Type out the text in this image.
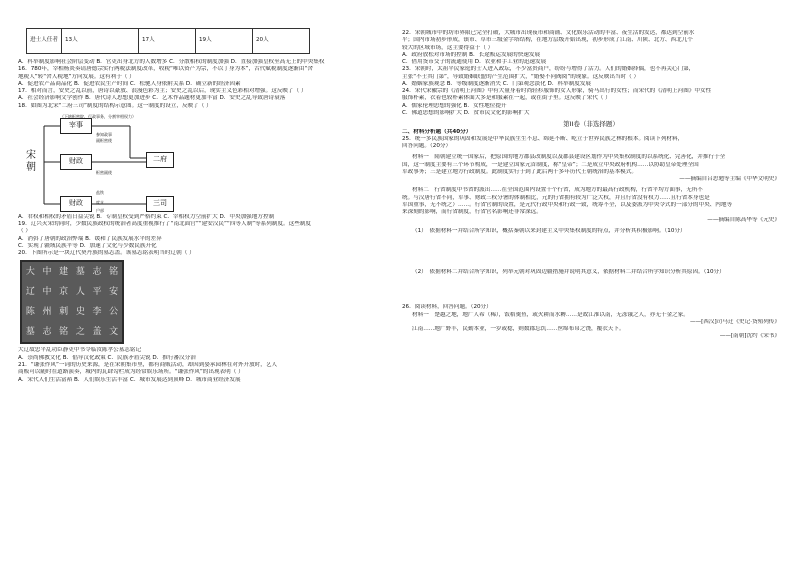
进士人任者	13人	17人	19人	20人

A．科举制度影响社会阶层变动 B．官吏出身北方的人数增多 C．分散相权的制度加强 D．直接加强皇权至高无上的中央集权

16．780年，宰相杨炎奏请唐德宗实行两税法制度改革，收税“唯以资产为宗，不以丁身为本”，古代赋税制度逐渐由“舍

地税人”转“舍人税地”方向发展。这有利于（ ）

A．促进农产品商品化 B．促进农民生产时间 C．松驰人身依附关系 D．确立新的经济因素

17．相对而言，安史之乱以前，唐诗以豪放、浪漫色彩为主；安史之乱以后，现实主义色彩相对增强。这反映了（ ）

A．社会经济影响文学创作 B．唐代诗人思想更加进步 C．艺术作品题材更加丰富 D．安史之乱导致唐诗衰落

18．如图为北宋“二府三司”制度的结构示意图。这一制度的设立，反映了（ ）

（下辖枢密院、行政事务，分割宰相权力）
宋朝
宰事
财政
财政
参知政事
副枢密使
枢密副使
盐铁
度支
户部
二府
三司

A．君权和相权的矛盾日益尖锐 B．专制皇权受到严格约束 C．宰相权力空前扩大 D．中央加强地方控制

19．辽兴灭宋的同时，少数民族政权的统治者高度重视推行了“南北面官”“建安汉民”“四等人制”等系列制度。这些制度

（ ）

A．消弭了唐朝的政治弊端 B．缓和了民族发展水平的差异

C．实现了疆域民族平等 D．加速了文化与少数民族开化

20．下图所示是一块辽代契丹族的墓志盖。该墓志铭表明当时辽朝（ ）

大 中 建 墓 志 铭
辽 中 京 人 平 安
陈 州 刺 史 李 公
墓 志 铭 之 盖 文

大辽故忠平乱功臣静吏中书令临汝陈孝公墓志铭记

A．崇尚佛教文化 B．倡导汉化政策 C．民族矛盾尖锐 D．推行蕃汉分治

21．“谦张作风”一词的历史来源，是在宋朝集市里，都有商贩活动，却因到晏承园林在对外开放时，艺人

商贩可以随时在道路演奏，城内的瓦肆勾栏成为经常娱乐场所。“谦张作风”的出现表明（ ）

A．宋代人们生活富裕 B．人们娱乐生活丰富 C．城市发展达到顶峰 D．城市商业经济发展

22．宋朝城市中的坊市界限已完全打破，大城市出现夜市和商铺、文化娱乐活动的丰富、夜生活的发达，都达到空前水

平；国内市场初步形成，镇市、草市三级金字塔结构，在地方层级开始出现，初步形成了江南、川陕、北方、西北几个

较大的区域市场，这主要得益于（ ）

A．政府放松对市场的控制 B．长途贩运发展的快速发展

C．借用货币交子的流通使用 D．农业和手工业的迅速发展

23．宋朝时，太祖平民家庭的士人进入政坛，不少富贵商户，纷纷与增得了活力。人们的婚姻择偶，也不再关心门第，

主张“不士其门第”，导致婚姻联盟的产生范围扩大，“婚娶不问阀阅”的现象。这反映出当时（ ）

A．婚姻家族观念 B．等级制度逐渐消失 C．门第观念淡化 D．科举制度发展

24．宋代宋徽宗的《清明上河图》中有大量身着时尚轻衫服饰的女人形象，骑马出行的女性；而宋代的《清明上河图》中女性

服饰朴素，衣着也较朴素体面大多是和服素在一起，或在街子里。这反映了宋代（ ）

A．儒家伦理思想的强化 B．女性地位提升

C．佛道思想的影响扩大 D．贫市民文化的影响扩大

第II卷（非选择题）

二、材料分析题（共40分）

25．统一多民族国家的巩固和发展是中华民族生生不息、绵延不断、屹立于世界民族之林的根本。阅读下列材料，

回答问题。（20分）

材料一　隋朝建立统一国家后，把原国的地方郡县改制度以及郡县建设区划作为中央集权制度的以系统化、完善化，并推行于全

国，这一制度主要有三个环节构成，一是建立国家元首制度，称“皇帝”；二是成立中央政府机构……以协助皇帝处理全国

军政事务；三是建立地方行政制度。此制度实行于到了此后两千多年历代王朝统治的基本模式。

——摘编自吕思勉等主编《中华文明史》

材料二　行省制度中书省的派出……在全国范围内设置十个行省，成为地方的最高行政机构，行省平均方面事，无所不

统。与汉唐行省不同，军事、财政三权分署的体制相比，元的行省拥有较为广泛大权，并且行省没有权力……且行省本身也是

军国重事，无不统之）……。行省官制的设置，是元代行政中央和行政一致，统筹不全，以及委派为中央令式的一部分的中央、内地等

来深刻的影响，而行省制度，行省官名影响还非常深远。

——摘编自陈高华等《元史》

（1）　依据材料一并结合所学知识，概括秦朝以来封建主义中央集权制度的特点，并分析其积极影响。（10分）

（2）　依据材料二并结合所学知识，列举元朝对巩固边疆措施并说明其意义，依据材料二并结合所学知识分析其原因。（10分）

26．阅读材料，回答问题。（20分）

材料一　楚越之地，地广人希（稀），饭稻羹鱼，或火耕而水耨……是故江淮以南，无冻饿之人，亦无千金之家。

——[西汉]司马迁《史记·货殖列传》

江南……地广野丰，民勤本业，一岁或稔，则数郡忘饥……丝绵布帛之饶，覆衣天下。

——[南朝]沈约《宋书》
